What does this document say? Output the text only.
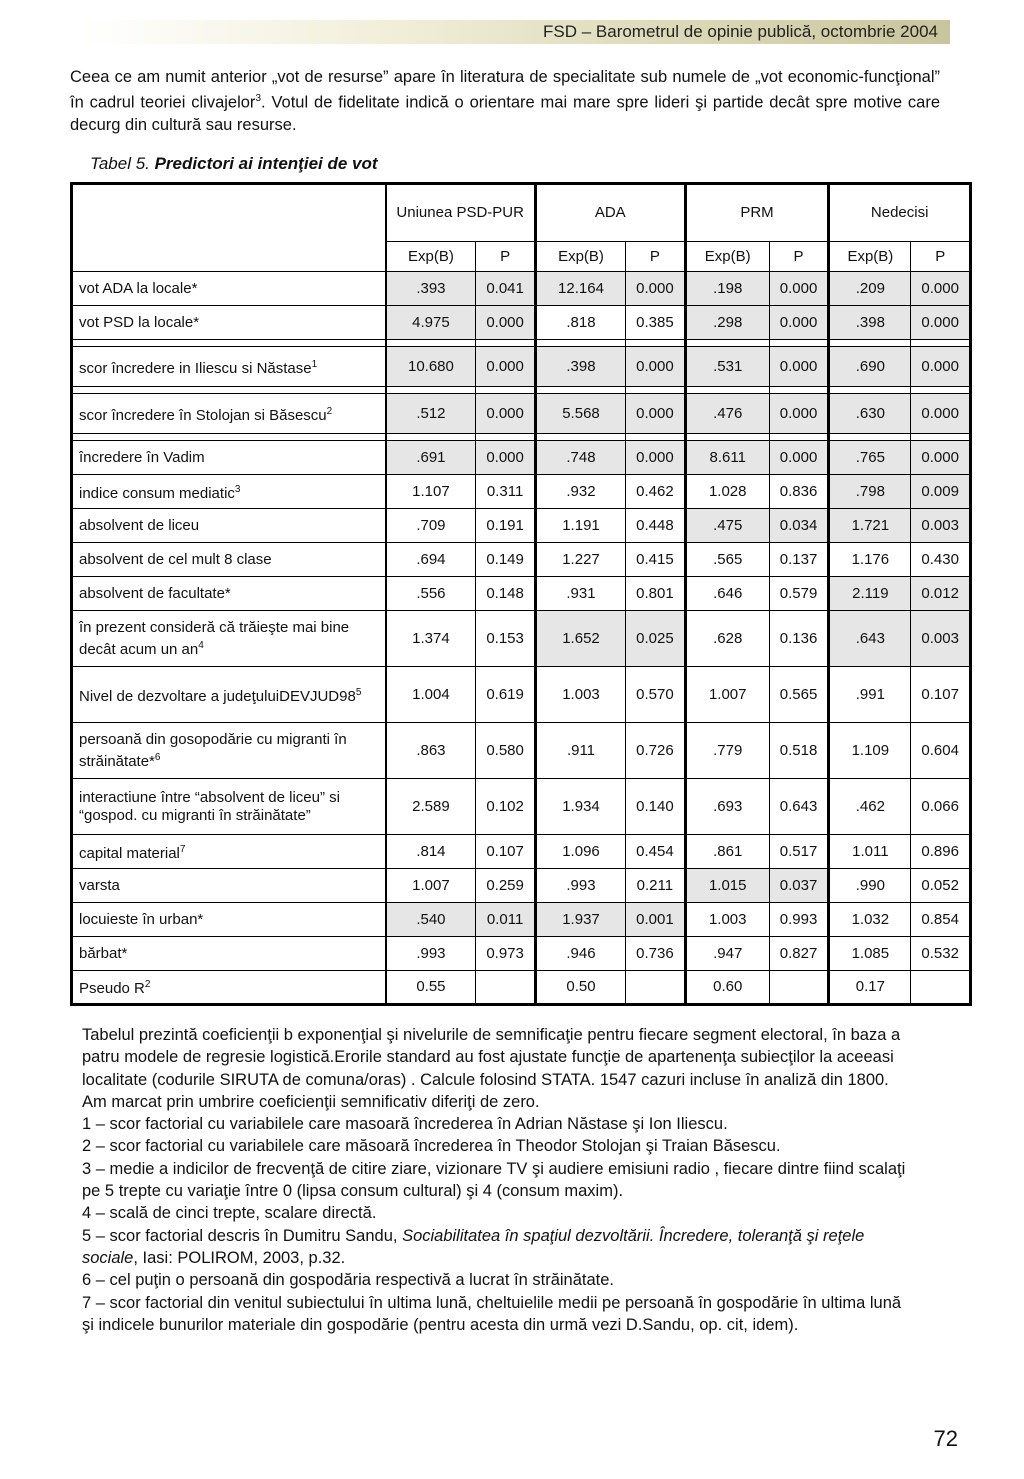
FSD – Barometrul de opinie publică, octombrie 2004
Ceea ce am numit anterior „vot de resurse” apare în literatura de specialitate sub numele de „vot economic-funcţional” în cadrul teoriei clivajelor$^3$. Votul de fidelitate indică o orientare mai mare spre lideri şi partide decât spre motive care decurg din cultură sau resurse.
Tabel 5. Predictori ai intenţiei de vot
	Uniunea PSD-PUR		ADA		PRM		Nedecisi	
	Exp(B)	P	Exp(B)	P	Exp(B)	P	Exp(B)	P
vot ADA la locale*	.393	0.041	12.164	0.000	.198	0.000	.209	0.000
vot PSD la locale*	4.975	0.000	.818	0.385	.298	0.000	.398	0.000

scor încredere in Iliescu si Năstase$^1$	10.680	0.000	.398	0.000	.531	0.000	.690	0.000

scor încredere în Stolojan si Băsescu$^2$	.512	0.000	5.568	0.000	.476	0.000	.630	0.000

încredere în Vadim	.691	0.000	.748	0.000	8.611	0.000	.765	0.000
indice consum mediatic$^3$	1.107	0.311	.932	0.462	1.028	0.836	.798	0.009
absolvent de liceu	.709	0.191	1.191	0.448	.475	0.034	1.721	0.003
absolvent de cel mult 8 clase	.694	0.149	1.227	0.415	.565	0.137	1.176	0.430
absolvent de facultate*	.556	0.148	.931	0.801	.646	0.579	2.119	0.012
în prezent consideră că trăieşte mai bine decât acum un $an^4$	1.374	0.153	1.652	0.025	.628	0.136	.643	0.003
Nivel de dezvoltare a $judeţuluiDEVJUD98^5$	1.004	0.619	1.003	0.570	1.007	0.565	.991	0.107
persoană din gosopodărie cu migranti în străinătate*$^6$	.863	0.580	.911	0.726	.779	0.518	1.109	0.604
interactiune între “absolvent de liceu” si “gospod. cu migranti în străinătate”	2.589	0.102	1.934	0.140	.693	0.643	.462	0.066
capital material$^7$	.814	0.107	1.096	0.454	.861	0.517	1.011	0.896
varsta	1.007	0.259	.993	0.211	1.015	0.037	.990	0.052
locuieste în urban*	.540	0.011	1.937	0.001	1.003	0.993	1.032	0.854
bărbat*	.993	0.973	.946	0.736	.947	0.827	1.085	0.532
Pseudo $R^2$	0.55		0.50		0.60		0.17	

Tabelul prezintă coeficienţii b exponenţial şi nivelurile de semnificaţie pentru fiecare segment electoral, în baza a patru modele de regresie logistică.Erorile standard au fost ajustate funcţie de apartenenţa subiecţilor la aceeasi localitate (codurile SIRUTA de comuna/oras) . Calcule folosind STATA. 1547 cazuri incluse în analiză din 1800. Am marcat prin umbrire coeficienţii semnificativ diferiţi de zero.

1 – scor factorial cu variabilele care masoară încrederea în Adrian Năstase şi Ion Iliescu.

2 – scor factorial cu variabilele care măsoară încrederea în Theodor Stolojan şi Traian Băsescu.

3 – medie a indicilor de frecvenţă de citire ziare, vizionare TV şi audiere emisiuni radio , fiecare dintre fiind scalaţi pe 5 trepte cu variaţie între 0 (lipsa consum cultural) şi 4 (consum maxim).

4 – scală de cinci trepte, scalare directă.

5 – scor factorial descris în Dumitru Sandu, Sociabilitatea în spaţiul dezvoltării. Încredere, toleranţă şi reţele sociale, Iasi: POLIROM, 2003, p.32.

6 – cel puţin o persoană din gospodăria respectivă a lucrat în străinătate.

7 – scor factorial din venitul subiectului în ultima lună, cheltuielile medii pe persoană în gospodărie în ultima lună şi indicele bunurilor materiale din gospodărie (pentru acesta din urmă vezi D.Sandu, op. cit, idem).

72
